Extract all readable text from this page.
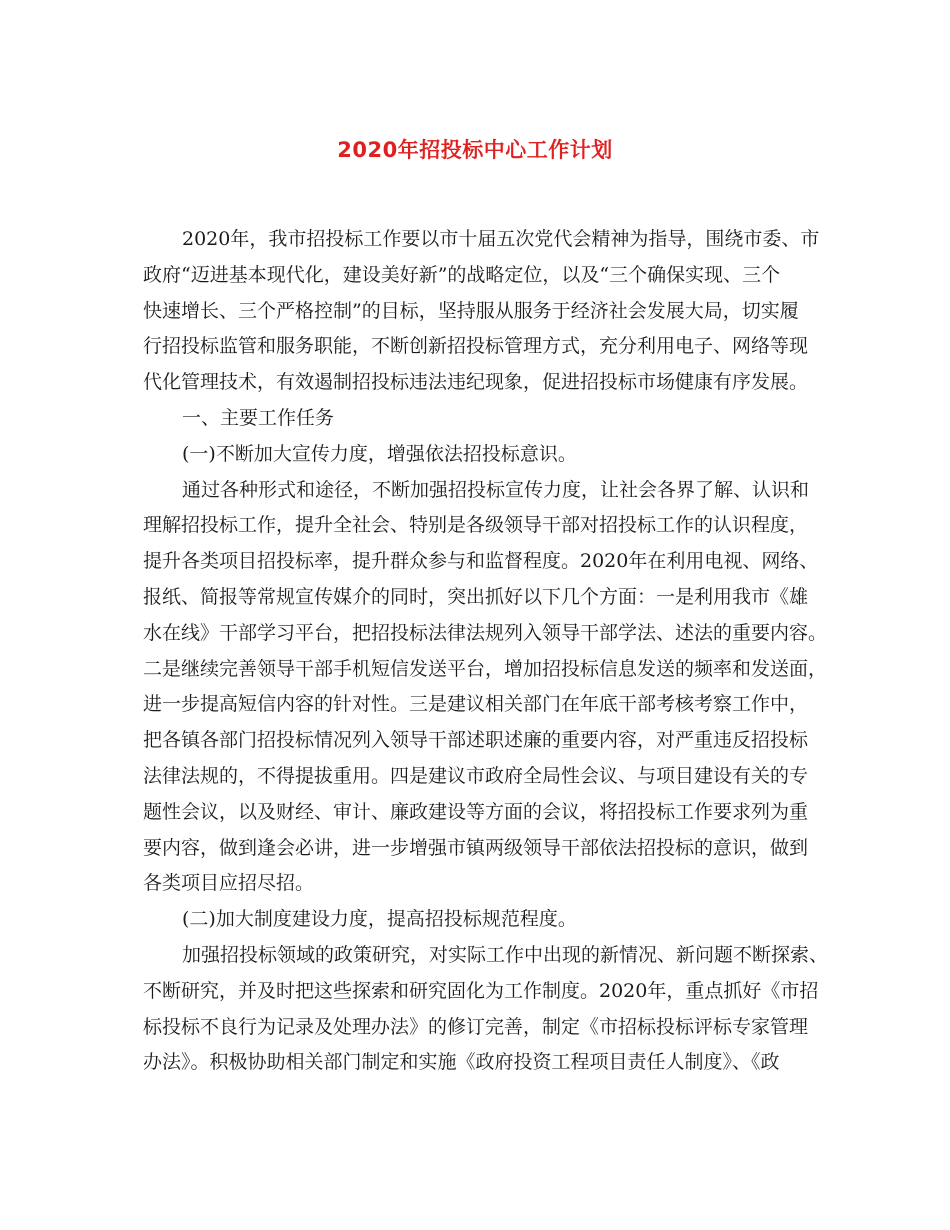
2020年招投标中心工作计划
2020年，我市招投标工作要以市十届五次党代会精神为指导，围绕市委、市
政府“迈进基本现代化，建设美好新”的战略定位，以及“三个确保实现、三个
快速增长、三个严格控制”的目标，坚持服从服务于经济社会发展大局，切实履
行招投标监管和服务职能，不断创新招投标管理方式，充分利用电子、网络等现
代化管理技术，有效遏制招投标违法违纪现象，促进招投标市场健康有序发展。
一、主要工作任务
(一)不断加大宣传力度，增强依法招投标意识。
通过各种形式和途径，不断加强招投标宣传力度，让社会各界了解、认识和
理解招投标工作，提升全社会、特别是各级领导干部对招投标工作的认识程度，
提升各类项目招投标率，提升群众参与和监督程度。2020年在利用电视、网络、
报纸、简报等常规宣传媒介的同时，突出抓好以下几个方面：一是利用我市《雄
水在线》干部学习平台，把招投标法律法规列入领导干部学法、述法的重要内容。
二是继续完善领导干部手机短信发送平台，增加招投标信息发送的频率和发送面，
进一步提高短信内容的针对性。三是建议相关部门在年底干部考核考察工作中，
把各镇各部门招投标情况列入领导干部述职述廉的重要内容，对严重违反招投标
法律法规的，不得提拔重用。四是建议市政府全局性会议、与项目建设有关的专
题性会议，以及财经、审计、廉政建设等方面的会议，将招投标工作要求列为重
要内容，做到逢会必讲，进一步增强市镇两级领导干部依法招投标的意识，做到
各类项目应招尽招。
(二)加大制度建设力度，提高招投标规范程度。
加强招投标领域的政策研究，对实际工作中出现的新情况、新问题不断探索、
不断研究，并及时把这些探索和研究固化为工作制度。2020年，重点抓好《市招
标投标不良行为记录及处理办法》的修订完善，制定《市招标投标评标专家管理
办法》。积极协助相关部门制定和实施《政府投资工程项目责任人制度》、《政
